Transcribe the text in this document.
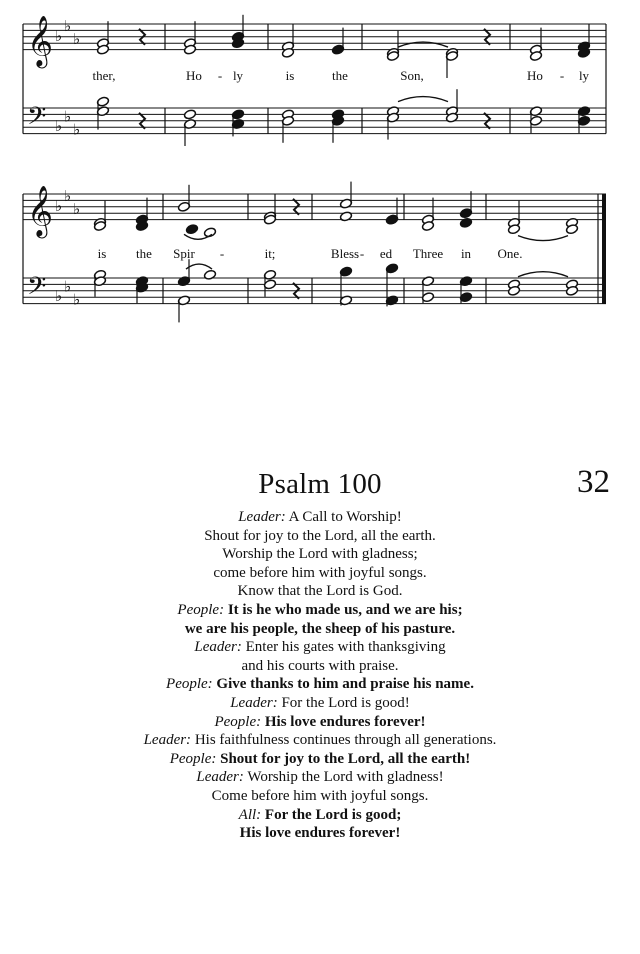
𝄞
𝄢
♭
♭
♭
♭
♭
♭
ther,	Ho - ly	is	the	Son,	Ho - ly
𝄞
𝄢
♭
♭
♭
♭
♭
♭
is the Spir -	it;	Bless - ed Three in One.
Psalm 100	32
Leader: A Call to Worship!
Shout for joy to the Lord, all the earth.
Worship the Lord with gladness;
come before him with joyful songs.
Know that the Lord is God.
People: It is he who made us, and we are his;
we are his people, the sheep of his pasture.
Leader: Enter his gates with thanksgiving
and his courts with praise.
People: Give thanks to him and praise his name.
Leader: For the Lord is good!
People: His love endures forever!
Leader: His faithfulness continues through all generations.
People: Shout for joy to the Lord, all the earth!
Leader: Worship the Lord with gladness!
Come before him with joyful songs.
All: For the Lord is good;
His love endures forever!
